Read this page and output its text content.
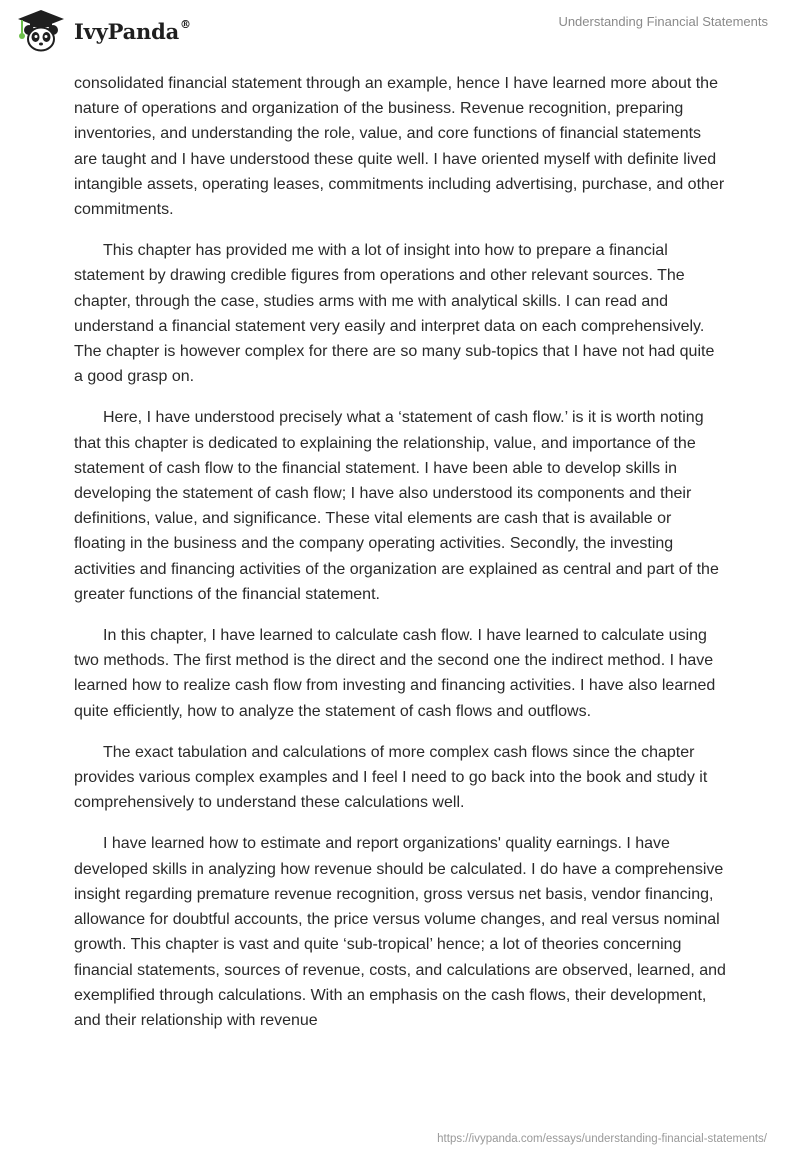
IvyPanda®	Understanding Financial Statements

consolidated financial statement through an example, hence I have learned more about the nature of operations and organization of the business. Revenue recognition, preparing inventories, and understanding the role, value, and core functions of financial statements are taught and I have understood these quite well. I have oriented myself with definite lived intangible assets, operating leases, commitments including advertising, purchase, and other commitments.

This chapter has provided me with a lot of insight into how to prepare a financial statement by drawing credible figures from operations and other relevant sources. The chapter, through the case, studies arms with me with analytical skills. I can read and understand a financial statement very easily and interpret data on each comprehensively. The chapter is however complex for there are so many sub-topics that I have not had quite a good grasp on.

Here, I have understood precisely what a ‘statement of cash flow.’ is it is worth noting that this chapter is dedicated to explaining the relationship, value, and importance of the statement of cash flow to the financial statement. I have been able to develop skills in developing the statement of cash flow; I have also understood its components and their definitions, value, and significance. These vital elements are cash that is available or floating in the business and the company operating activities. Secondly, the investing activities and financing activities of the organization are explained as central and part of the greater functions of the financial statement.

In this chapter, I have learned to calculate cash flow. I have learned to calculate using two methods. The first method is the direct and the second one the indirect method. I have learned how to realize cash flow from investing and financing activities. I have also learned quite efficiently, how to analyze the statement of cash flows and outflows.

The exact tabulation and calculations of more complex cash flows since the chapter provides various complex examples and I feel I need to go back into the book and study it comprehensively to understand these calculations well.

I have learned how to estimate and report organizations' quality earnings. I have developed skills in analyzing how revenue should be calculated. I do have a comprehensive insight regarding premature revenue recognition, gross versus net basis, vendor financing, allowance for doubtful accounts, the price versus volume changes, and real versus nominal growth. This chapter is vast and quite ‘sub-tropical’ hence; a lot of theories concerning financial statements, sources of revenue, costs, and calculations are observed, learned, and exemplified through calculations. With an emphasis on the cash flows, their development, and their relationship with revenue

https://ivypanda.com/essays/understanding-financial-statements/
